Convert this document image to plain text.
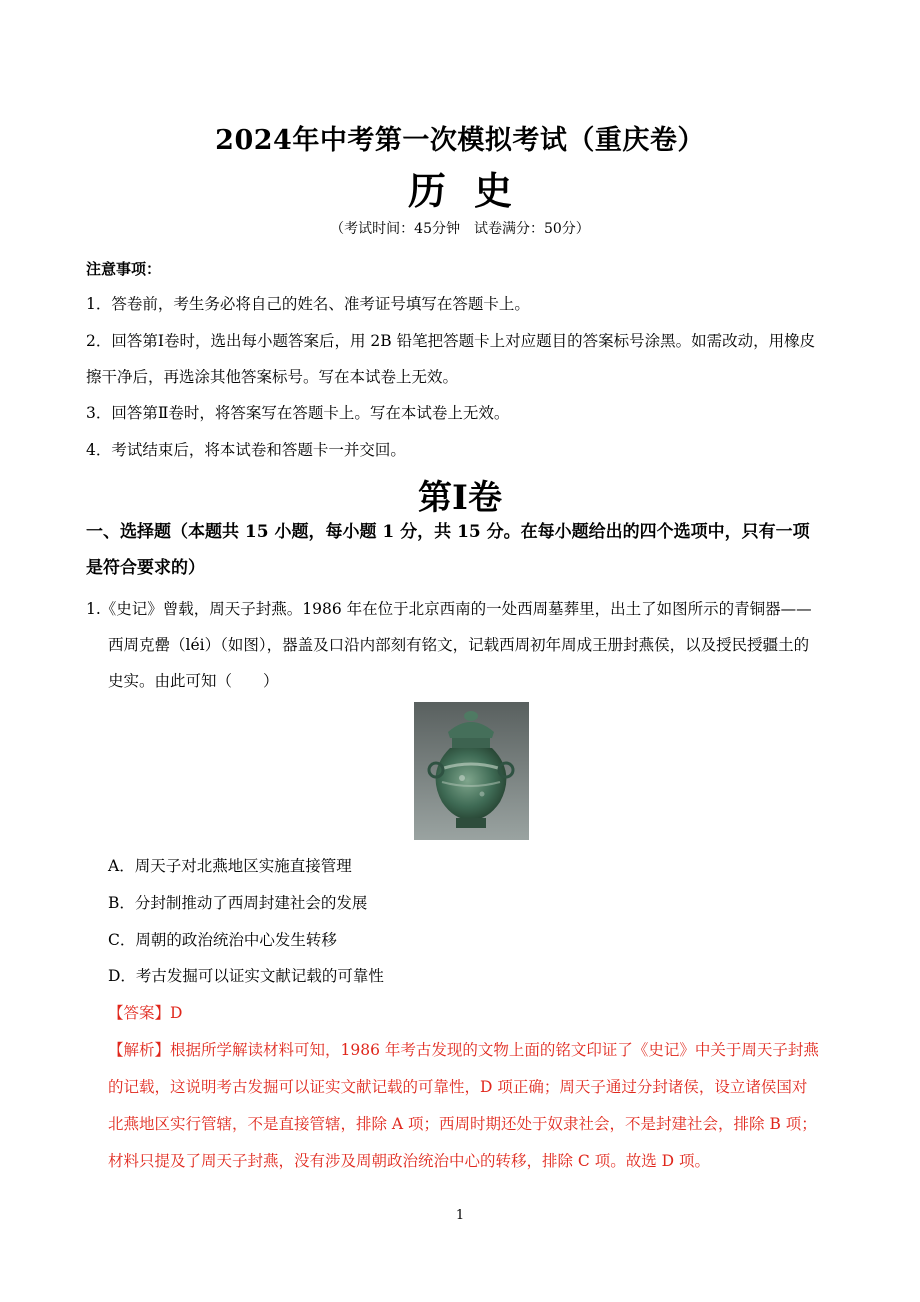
2024年中考第一次模拟考试（重庆卷）
历史
（考试时间：45分钟　试卷满分：50分）
注意事项：
1．答卷前，考生务必将自己的姓名、准考证号填写在答题卡上。
2．回答第Ⅰ卷时，选出每小题答案后，用 2B 铅笔把答题卡上对应题目的答案标号涂黑。如需改动，用橡皮
擦干净后，再选涂其他答案标号。写在本试卷上无效。
3．回答第Ⅱ卷时，将答案写在答题卡上。写在本试卷上无效。
4．考试结束后，将本试卷和答题卡一并交回。
第Ⅰ卷
一、选择题（本题共 15 小题，每小题 1 分，共 15 分。在每小题给出的四个选项中，只有一项
是符合要求的）
1.《史记》曾载，周天子封燕。1986 年在位于北京西南的一处西周墓葬里，出土了如图所示的青铜器——
西周克罍（léi）（如图），器盖及口沿内部刻有铭文，记载西周初年周成王册封燕侯，以及授民授疆土的
史实。由此可知（　　）
A．周天子对北燕地区实施直接管理
B．分封制推动了西周封建社会的发展
C．周朝的政治统治中心发生转移
D．考古发掘可以证实文献记载的可靠性
【答案】D
【解析】根据所学解读材料可知，1986 年考古发现的文物上面的铭文印证了《史记》中关于周天子封燕
的记载，这说明考古发掘可以证实文献记载的可靠性，D 项正确；周天子通过分封诸侯，设立诸侯国对
北燕地区实行管辖，不是直接管辖，排除 A 项；西周时期还处于奴隶社会，不是封建社会，排除 B 项；
材料只提及了周天子封燕，没有涉及周朝政治统治中心的转移，排除 C 项。故选 D 项。
1
